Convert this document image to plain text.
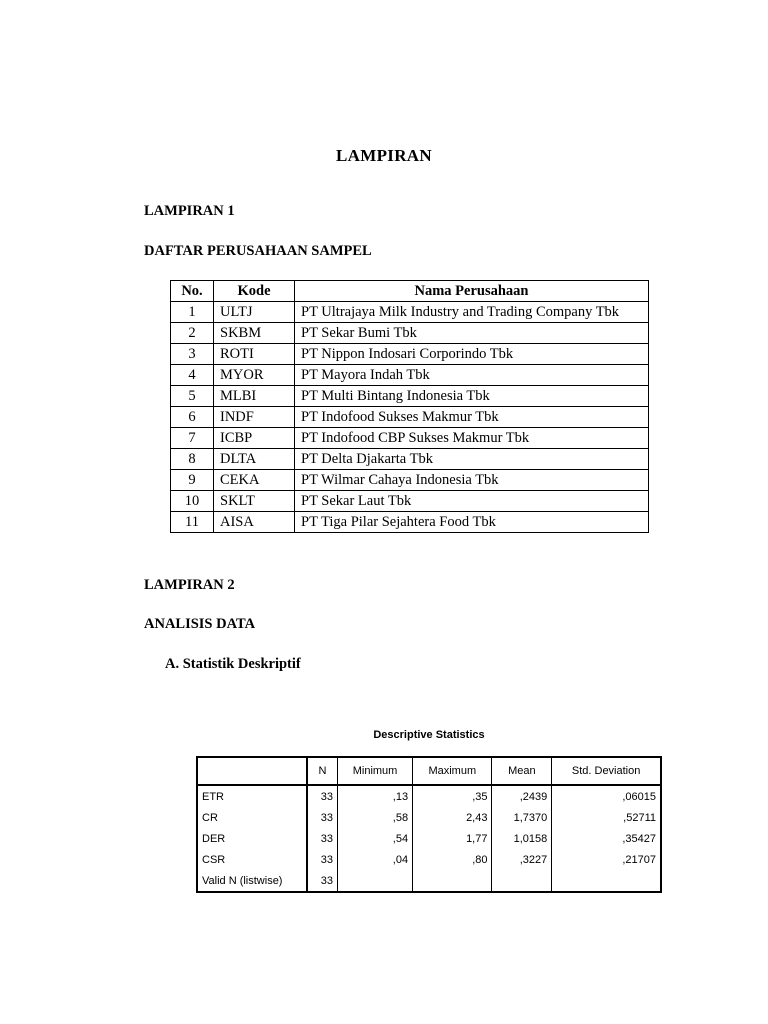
LAMPIRAN
LAMPIRAN 1
DAFTAR PERUSAHAAN SAMPEL
No.	Kode	Nama Perusahaan
1	ULTJ	PT Ultrajaya Milk Industry and Trading Company Tbk
2	SKBM	PT Sekar Bumi Tbk
3	ROTI	PT Nippon Indosari Corporindo Tbk
4	MYOR	PT Mayora Indah Tbk
5	MLBI	PT Multi Bintang Indonesia Tbk
6	INDF	PT Indofood Sukses Makmur Tbk
7	ICBP	PT Indofood CBP Sukses Makmur Tbk
8	DLTA	PT Delta Djakarta Tbk
9	CEKA	PT Wilmar Cahaya Indonesia Tbk
10	SKLT	PT Sekar Laut Tbk
11	AISA	PT Tiga Pilar Sejahtera Food Tbk
LAMPIRAN 2
ANALISIS DATA
A. Statistik Deskriptif
Descriptive Statistics
	N	Minimum	Maximum	Mean	Std. Deviation
ETR	33	,13	,35	,2439	,06015
CR	33	,58	2,43	1,7370	,52711
DER	33	,54	1,77	1,0158	,35427
CSR	33	,04	,80	,3227	,21707
Valid N (listwise)	33				
